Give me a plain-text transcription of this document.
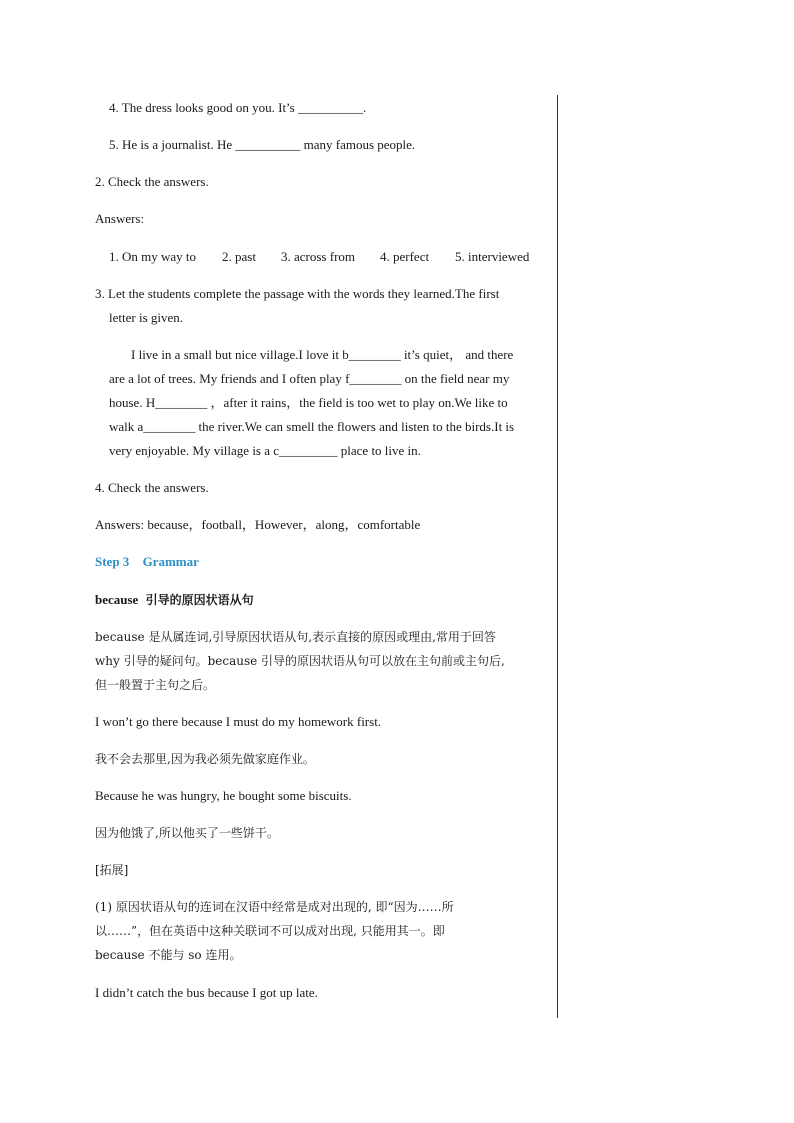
4. The dress looks good on you. It’s __________.
5. He is a journalist. He __________ many famous people.
2. Check the answers.
Answers:
1. On my way to 2. past 3. across from 4. perfect 5. interviewed
3. Let the students complete the passage with the words they learned.The first
letter is given.
I live in a small but nice village.I love it b________ it’s quiet， and there
are a lot of trees. My friends and I often play f________ on the field near my
house. H________ ，after it rains，the field is too wet to play on.We like to
walk a________ the river.We can smell the flowers and listen to the birds.It is
very enjoyable. My village is a c_________ place to live in.
4. Check the answers.
Answers: because，football，However，along，comfortable
Step 3 Grammar
because 引导的原因状语从句
because 是从属连词,引导原因状语从句,表示直接的原因或理由,常用于回答
why 引导的疑问句。because 引导的原因状语从句可以放在主句前或主句后,
但一般置于主句之后。
I won’t go there because I must do my homework first.
我不会去那里,因为我必须先做家庭作业。
Because he was hungry, he bought some biscuits.
因为他饿了,所以他买了一些饼干。
[拓展]
(1) 原因状语从句的连词在汉语中经常是成对出现的, 即“因为……所
以……”，但在英语中这种关联词不可以成对出现, 只能用其一。即
because 不能与 so 连用。
I didn’t catch the bus because I got up late.
